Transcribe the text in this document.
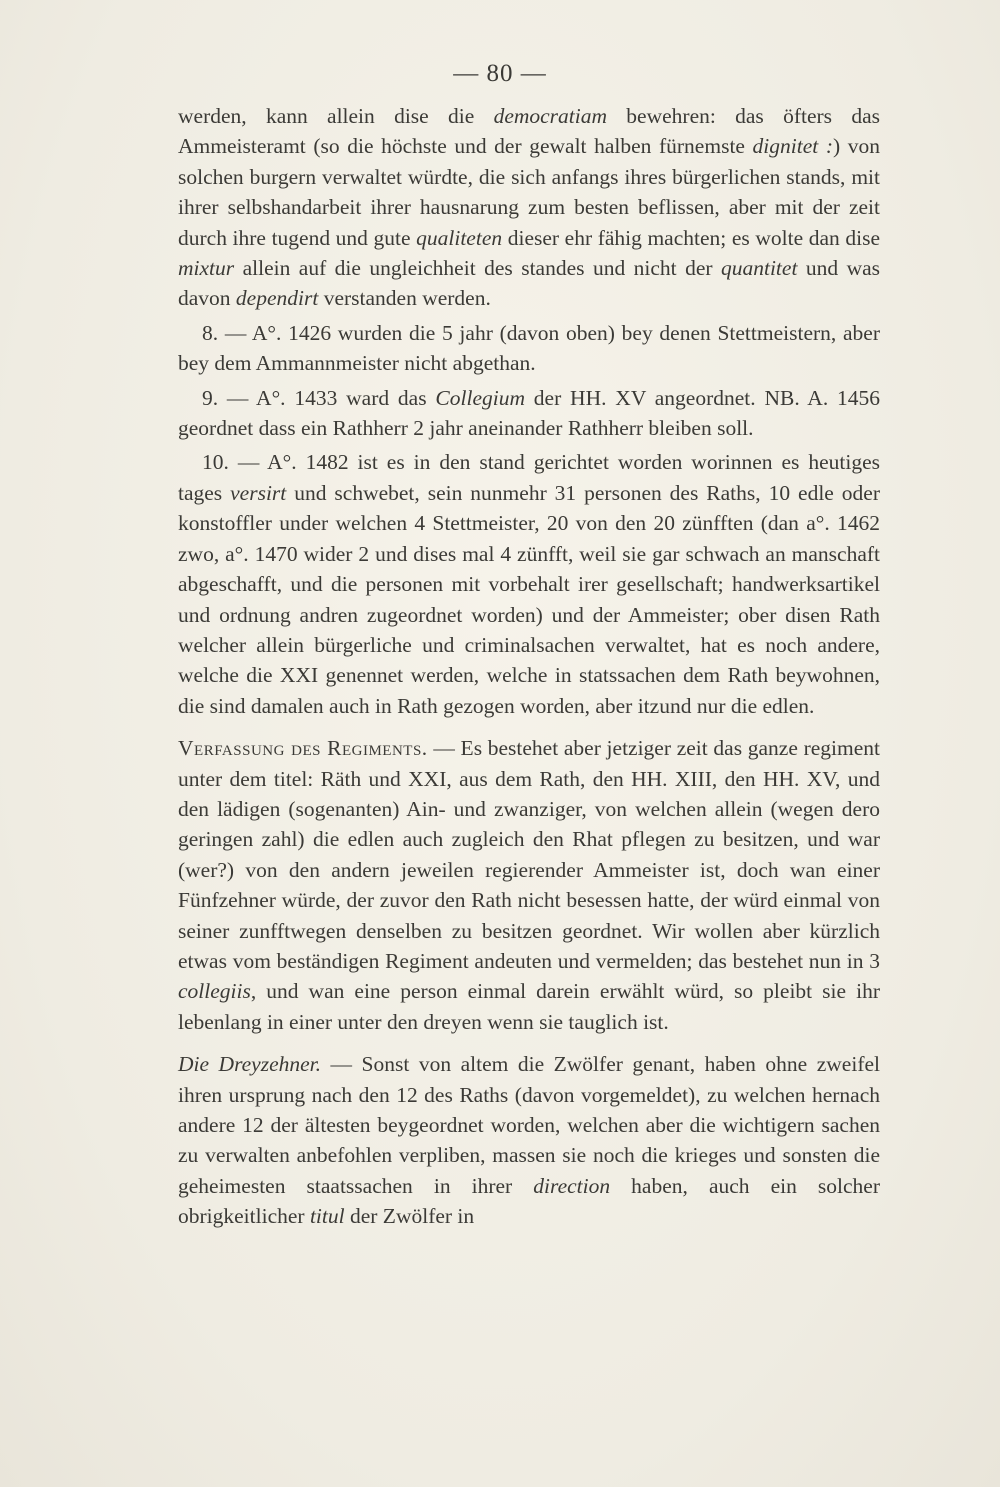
— 80 —

werden, kann allein dise die democratiam bewehren: das öfters das Ammeisteramt (so die höchste und der gewalt halben fürnemste dignitet :) von solchen burgern verwaltet würdte, die sich anfangs ihres bürgerlichen stands, mit ihrer selbshandarbeit ihrer hausnarung zum besten beflissen, aber mit der zeit durch ihre tugend und gute qualiteten dieser ehr fähig machten; es wolte dan dise mixtur allein auf die ungleichheit des standes und nicht der quantitet und was davon dependirt verstanden werden.

8. — A°. 1426 wurden die 5 jahr (davon oben) bey denen Stettmeistern, aber bey dem Ammannmeister nicht abgethan.

9. — A°. 1433 ward das Collegium der HH. XV angeordnet. NB. A. 1456 geordnet dass ein Rathherr 2 jahr aneinander Rathherr bleiben soll.

10. — A°. 1482 ist es in den stand gerichtet worden worinnen es heutiges tages versirt und schwebet, sein nunmehr 31 personen des Raths, 10 edle oder konstoffler under welchen 4 Stettmeister, 20 von den 20 zünfften (dan a°. 1462 zwo, a°. 1470 wider 2 und dises mal 4 zünfft, weil sie gar schwach an manschaft abgeschafft, und die personen mit vorbehalt irer gesellschaft; handwerksartikel und ordnung andren zugeordnet worden) und der Ammeister; ober disen Rath welcher allein bürgerliche und criminalsachen verwaltet, hat es noch andere, welche die XXI genennet werden, welche in statssachen dem Rath beywohnen, die sind damalen auch in Rath gezogen worden, aber itzund nur die edlen.

Verfassung des Regiments. — Es bestehet aber jetziger zeit das ganze regiment unter dem titel: Räth und XXI, aus dem Rath, den HH. XIII, den HH. XV, und den lädigen (sogenanten) Ain- und zwanziger, von welchen allein (wegen dero geringen zahl) die edlen auch zugleich den Rhat pflegen zu besitzen, und war (wer?) von den andern jeweilen regierender Ammeister ist, doch wan einer Fünfzehner würde, der zuvor den Rath nicht besessen hatte, der würd einmal von seiner zunfftwegen denselben zu besitzen geordnet. Wir wollen aber kürzlich etwas vom beständigen Regiment andeuten und vermelden; das bestehet nun in 3 collegiis, und wan eine person einmal darein erwählt würd, so pleibt sie ihr lebenlang in einer unter den dreyen wenn sie tauglich ist.

Die Dreyzehner. — Sonst von altem die Zwölfer genant, haben ohne zweifel ihren ursprung nach den 12 des Raths (davon vorgemeldet), zu welchen hernach andere 12 der ältesten beygeordnet worden, welchen aber die wichtigern sachen zu verwalten anbefohlen verpliben, massen sie noch die krieges und sonsten die geheimesten staatssachen in ihrer direction haben, auch ein solcher obrigkeitlicher titul der Zwölfer in
